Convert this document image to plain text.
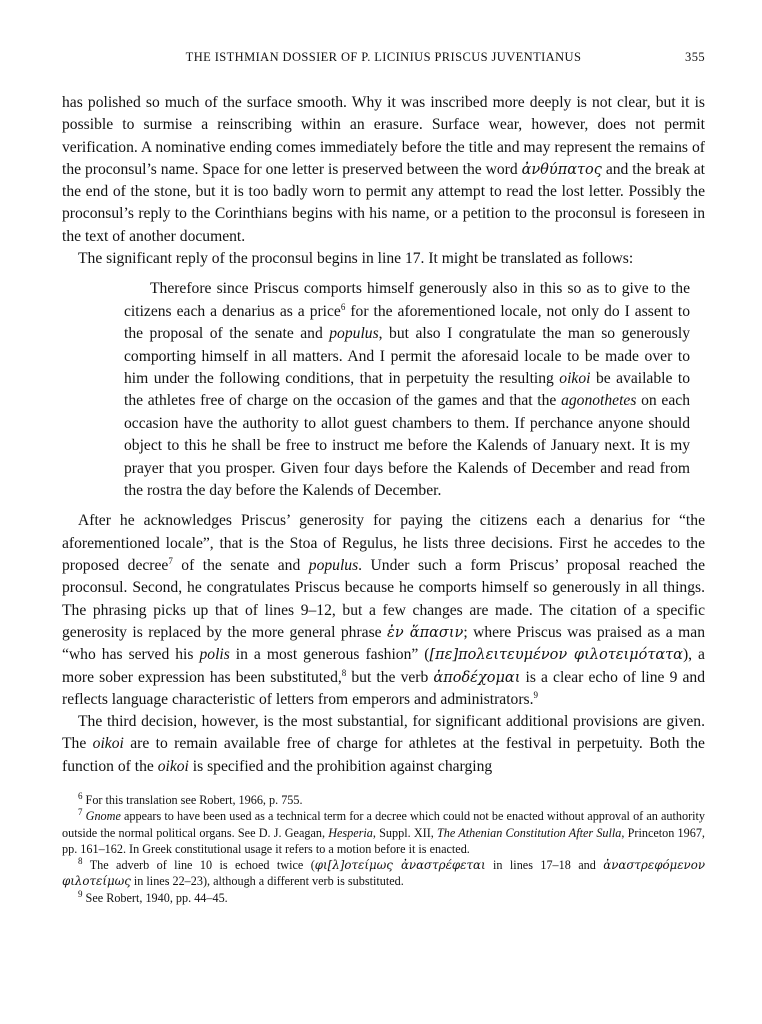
THE ISTHMIAN DOSSIER OF P. LICINIUS PRISCUS JUVENTIANUS	355

has polished so much of the surface smooth. Why it was inscribed more deeply is not clear, but it is possible to surmise a reinscribing within an erasure. Surface wear, however, does not permit verification. A nominative ending comes immediately before the title and may represent the remains of the proconsul’s name. Space for one letter is preserved between the word ἀνθύπατος and the break at the end of the stone, but it is too badly worn to permit any attempt to read the lost letter. Possibly the proconsul’s reply to the Corinthians begins with his name, or a petition to the proconsul is foreseen in the text of another document.

The significant reply of the proconsul begins in line 17. It might be translated as follows:

Therefore since Priscus comports himself generously also in this so as to give to the citizens each a denarius as a price$^6$ for the aforementioned locale, not only do I assent to the proposal of the senate and populus, but also I congratulate the man so generously comporting himself in all matters. And I permit the aforesaid locale to be made over to him under the following conditions, that in perpetuity the resulting oikoi be available to the athletes free of charge on the occasion of the games and that the agonothetes on each occasion have the authority to allot guest chambers to them. If perchance anyone should object to this he shall be free to instruct me before the Kalends of January next. It is my prayer that you prosper. Given four days before the Kalends of December and read from the rostra the day before the Kalends of December.

After he acknowledges Priscus’ generosity for paying the citizens each a denarius for “the aforementioned locale”, that is the Stoa of Regulus, he lists three decisions. First he accedes to the proposed decree$^7$ of the senate and populus. Under such a form Priscus’ proposal reached the proconsul. Second, he congratulates Priscus because he comports himself so generously in all things. The phrasing picks up that of lines 9–12, but a few changes are made. The citation of a specific generosity is replaced by the more general phrase ἐν ἅπασιν; where Priscus was praised as a man “who has served his polis in a most generous fashion” ([πε]πολειτευμένον φιλοτειμότατα), a more sober expression has been substituted,$^8$ but the verb ἀποδέχομαι is a clear echo of line 9 and reflects language characteristic of letters from emperors and administrators.$^9$

The third decision, however, is the most substantial, for significant additional provisions are given. The oikoi are to remain available free of charge for athletes at the festival in perpetuity. Both the function of the oikoi is specified and the prohibition against charging

$^6$ For this translation see Robert, 1966, p. 755.

$^7$ Gnome appears to have been used as a technical term for a decree which could not be enacted without approval of an authority outside the normal political organs. See D. J. Geagan, Hesperia, Suppl. XII, The Athenian Constitution After Sulla, Princeton 1967, pp. 161–162. In Greek constitutional usage it refers to a motion before it is enacted.

$^8$ The adverb of line 10 is echoed twice (φι[λ]οτείμως ἀναστρέφεται in lines 17–18 and ἀναστρεφόμενον φιλοτείμως in lines 22–23), although a different verb is substituted.

$^9$ See Robert, 1940, pp. 44–45.
